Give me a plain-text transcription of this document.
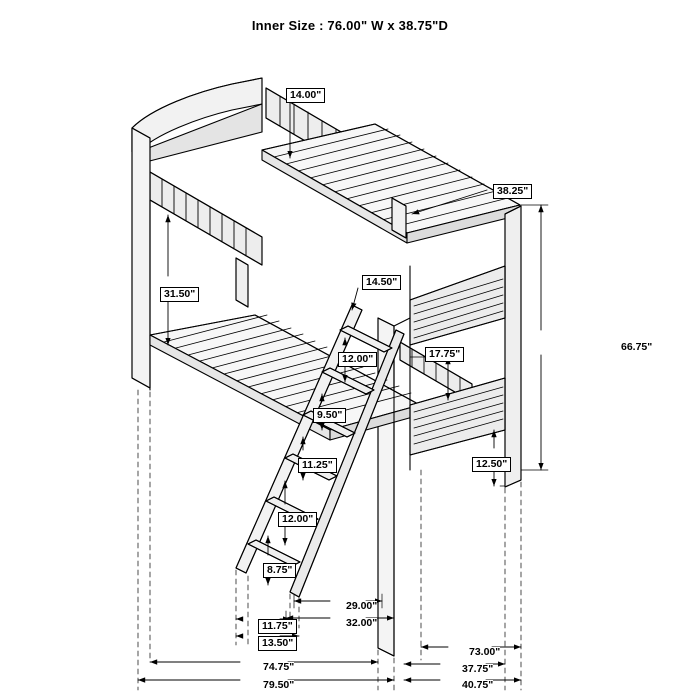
Inner Size : 76.00" W x 38.75"D
14.00"
38.25"
31.50"
14.50"
66.75"
17.75"
12.00"
9.50"
12.50"
11.25"
12.00"
8.75"
11.75"
29.00"
32.00"
13.50"
73.00"
37.75"
74.75"
79.50"	40.75"
